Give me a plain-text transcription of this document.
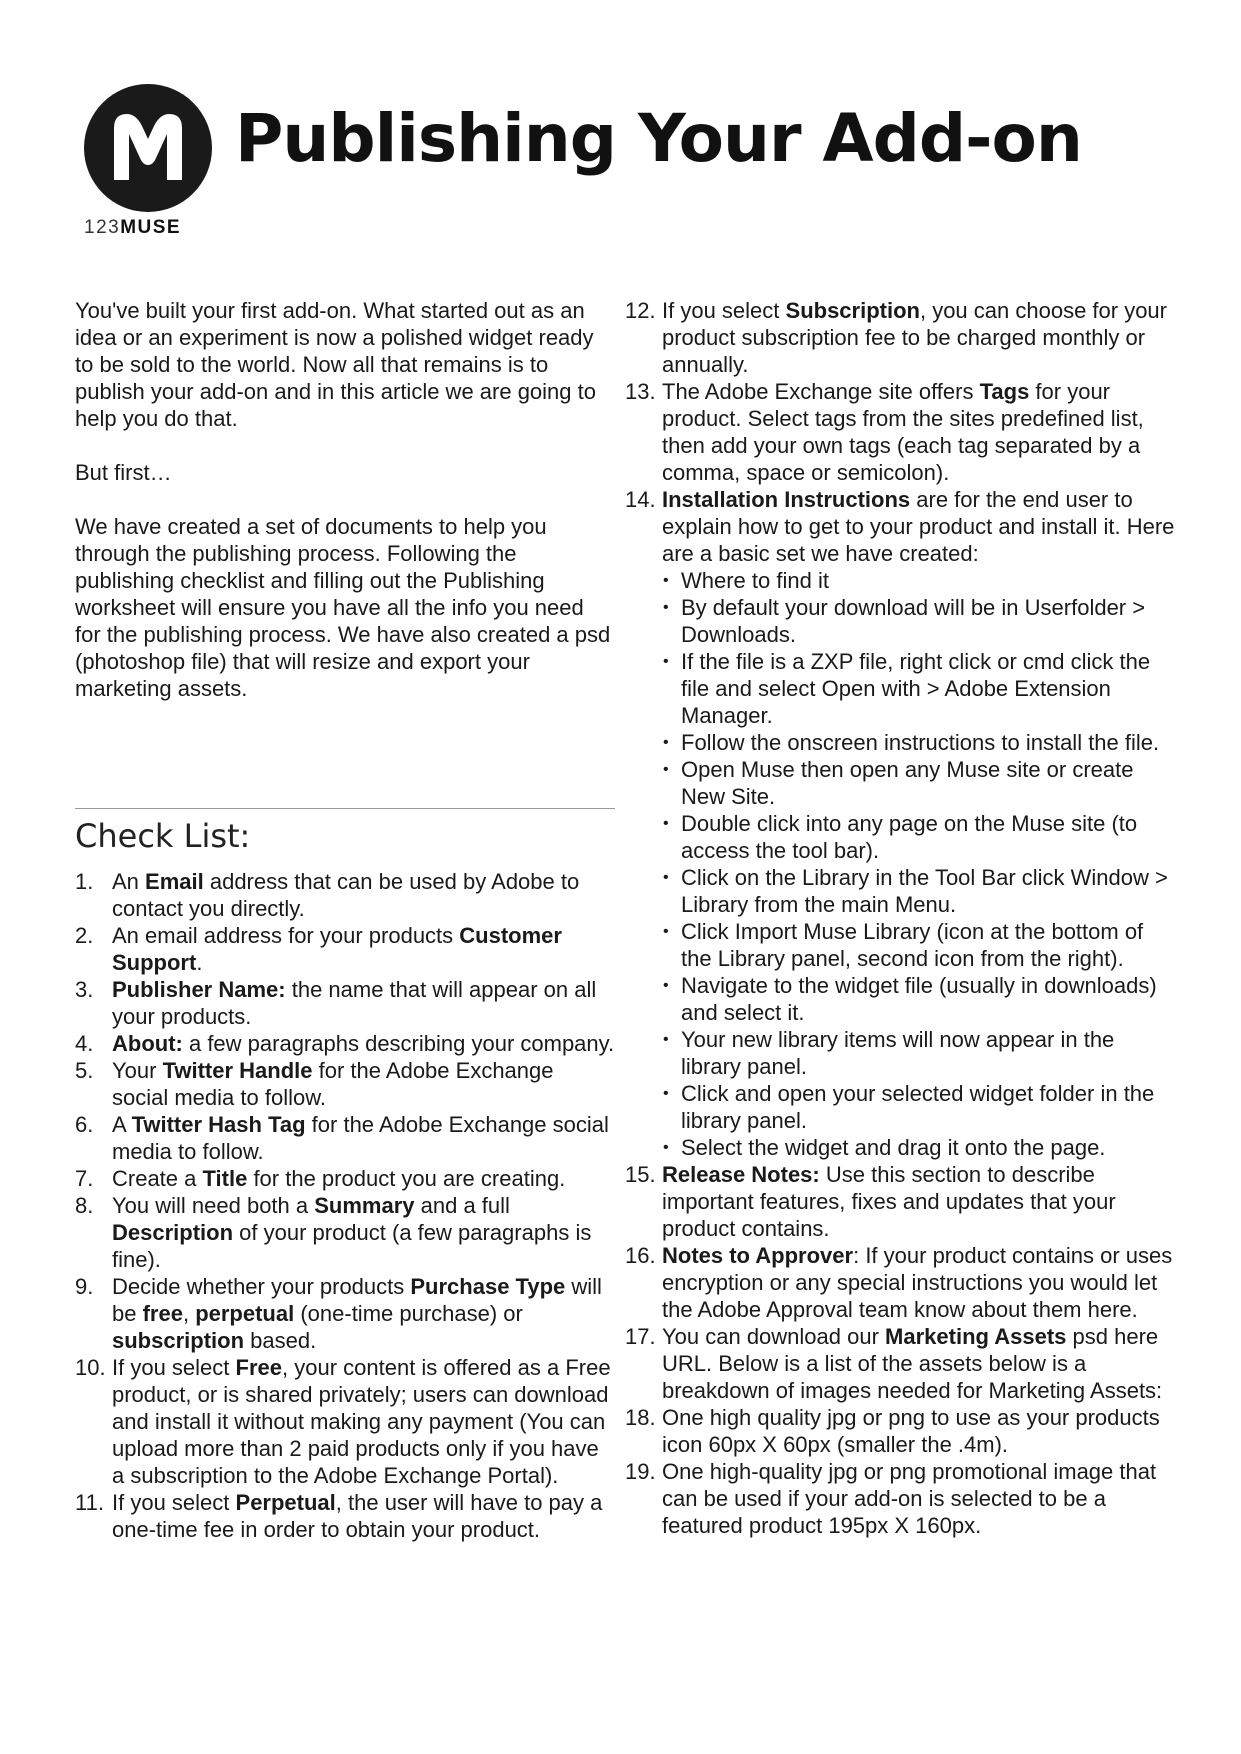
123MUSE
Publishing Your Add-on

You've built your first add-on. What started out as an idea or an experiment is now a polished widget ready to be sold to the world. Now all that remains is to publish your add-on and in this article we are going to help you do that.

But first…

We have created a set of documents to help you through the publishing process. Following the publishing checklist and filling out the Publishing worksheet will ensure you have all the info you need for the publishing process. We have also created a psd (photoshop file) that will resize and export your marketing assets.

Check List:
1. An Email address that can be used by Adobe to contact you directly.
2. An email address for your products Customer Support.
3. Publisher Name: the name that will appear on all your products.
4. About: a few paragraphs describing your company.
5. Your Twitter Handle for the Adobe Exchange social media to follow.
6. A Twitter Hash Tag for the Adobe Exchange social media to follow.
7. Create a Title for the product you are creating.
8. You will need both a Summary and a full Description of your product (a few paragraphs is fine).
9. Decide whether your products Purchase Type will be free, perpetual (one-time purchase) or subscription based.
10. If you select Free, your content is offered as a Free product, or is shared privately; users can download and install it without making any payment (You can upload more than 2 paid products only if you have a subscription to the Adobe Exchange Portal).
11. If you select Perpetual, the user will have to pay a one-time fee in order to obtain your product.
12. If you select Subscription, you can choose for your product subscription fee to be charged monthly or annually.
13. The Adobe Exchange site offers Tags for your product. Select tags from the sites predefined list, then add your own tags (each tag separated by a comma, space or semicolon).
14. Installation Instructions are for the end user to explain how to get to your product and install it. Here are a basic set we have created:
• Where to find it
• By default your download will be in Userfolder > Downloads.
• If the file is a ZXP file, right click or cmd click the file and select Open with > Adobe Extension Manager.
• Follow the onscreen instructions to install the file.
• Open Muse then open any Muse site or create New Site.
• Double click into any page on the Muse site (to access the tool bar).
• Click on the Library in the Tool Bar click Window > Library from the main Menu.
• Click Import Muse Library (icon at the bottom of the Library panel, second icon from the right).
• Navigate to the widget file (usually in downloads) and select it.
• Your new library items will now appear in the library panel.
• Click and open your selected widget folder in the library panel.
• Select the widget and drag it onto the page.
15. Release Notes: Use this section to describe important features, fixes and updates that your product contains.
16. Notes to Approver: If your product contains or uses encryption or any special instructions you would let the Adobe Approval team know about them here.
17. You can download our Marketing Assets psd here URL. Below is a list of the assets below is a breakdown of images needed for Marketing Assets:
18. One high quality jpg or png to use as your products icon 60px X 60px (smaller the .4m).
19. One high-quality jpg or png promotional image that can be used if your add-on is selected to be a featured product 195px X 160px.
